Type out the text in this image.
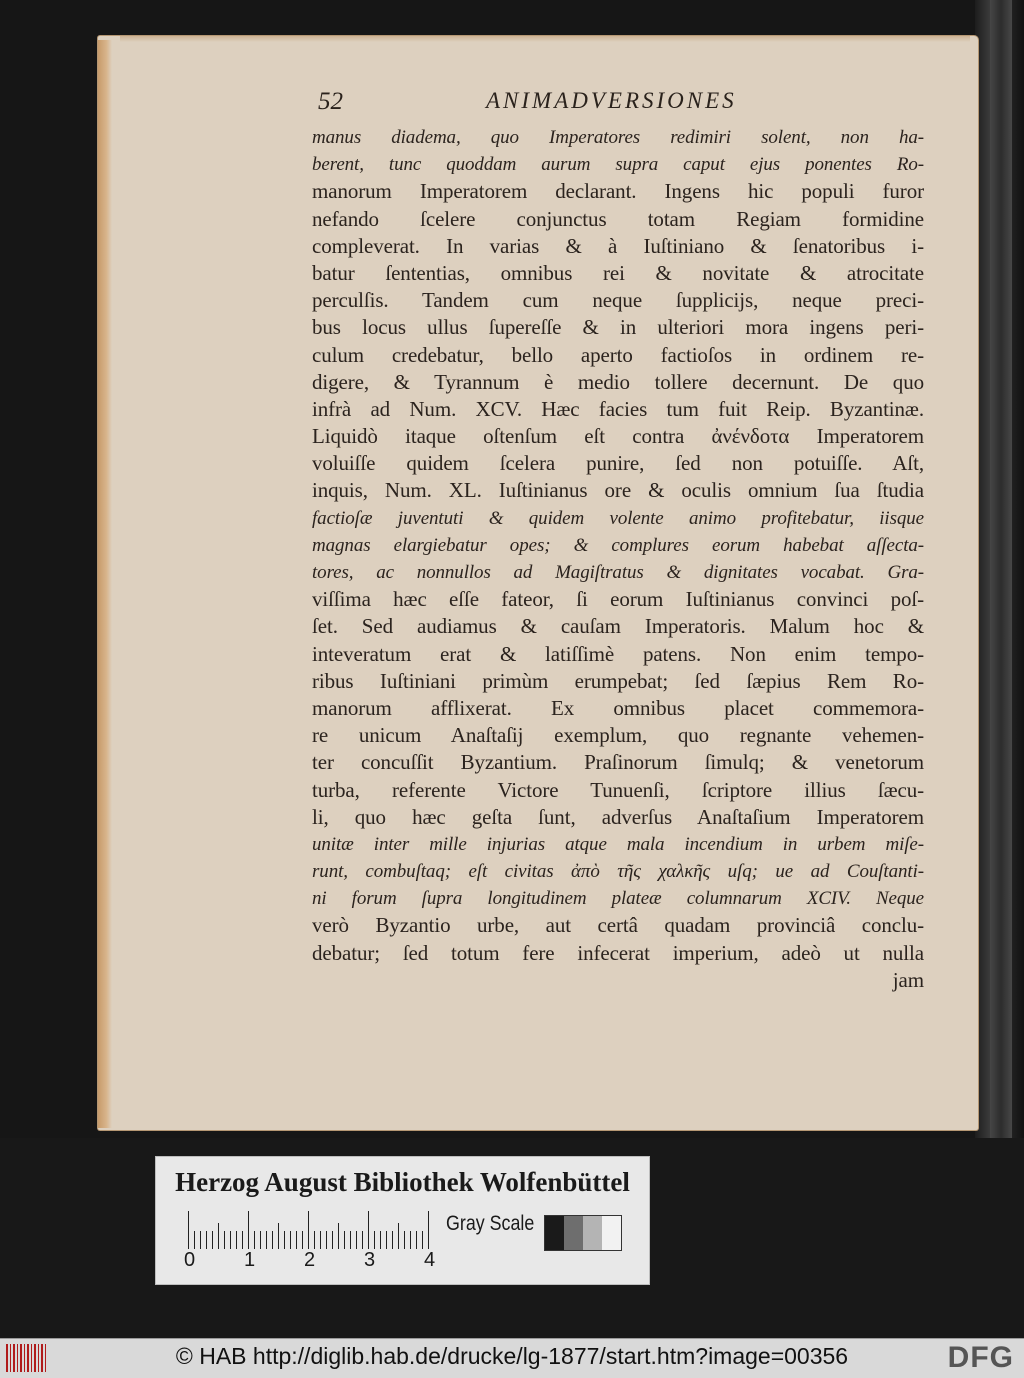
52	ANIMADVERSIONES
manus diadema, quo Imperatores redimiri solent, non ha-
berent, tunc quoddam aurum supra caput ejus ponentes Ro-
manorum Imperatorem declarant. Ingens hic populi furor
nefando ſcelere conjunctus totam Regiam formidine
compleverat. In varias & à Iuſtiniano & ſenatoribus i-
batur ſententias, omnibus rei & novitate & atrocitate
perculſis. Tandem cum neque ſupplicijs, neque preci-
bus locus ullus ſupereſſe & in ulteriori mora ingens peri-
culum credebatur, bello aperto factioſos in ordinem re-
digere, & Tyrannum è medio tollere decernunt. De quo
infrà ad Num. XCV. Hæc facies tum fuit Reip. Byzantinæ.
Liquidò itaque oſtenſum eſt contra ἀνένδοτα Imperatorem
voluiſſe quidem ſcelera punire, ſed non potuiſſe. Aſt,
inquis, Num. XL. Iuſtinianus ore & oculis omnium ſua ſtudia
factioſæ juventuti & quidem volente animo profitebatur, iisque
magnas elargiebatur opes; & complures eorum habebat aſſecta-
tores, ac nonnullos ad Magiſtratus & dignitates vocabat. Gra-
viſſima hæc eſſe fateor, ſi eorum Iuſtinianus convinci poſ-
ſet. Sed audiamus & cauſam Imperatoris. Malum hoc &
inteveratum erat & latiſſimè patens. Non enim tempo-
ribus Iuſtiniani primùm erumpebat; ſed ſæpius Rem Ro-
manorum afflixerat. Ex omnibus placet commemora-
re unicum Anaſtaſij exemplum, quo regnante vehemen-
ter concuſſit Byzantium. Praſinorum ſimulq; & venetorum
turba, referente Victore Tunuenſi, ſcriptore illius ſæcu-
li, quo hæc geſta ſunt, adverſus Anaſtaſium Imperatorem
unitæ inter mille injurias atque mala incendium in urbem miſe-
runt, combuſtaq; eſt civitas ἀπὸ τῆς χαλκῆς uſq; ue ad Couſtanti-
ni forum ſupra longitudinem plateæ columnarum XCIV. Neque
verò Byzantio urbe, aut certâ quadam provinciâ conclu-
debatur; ſed totum fere infecerat imperium, adeò ut nulla
jam
Herzog August Bibliothek Wolfenbüttel
0 1 2 3 4
Gray Scale
© HAB http://diglib.hab.de/drucke/lg-1877/start.htm?image=00356	DFG
